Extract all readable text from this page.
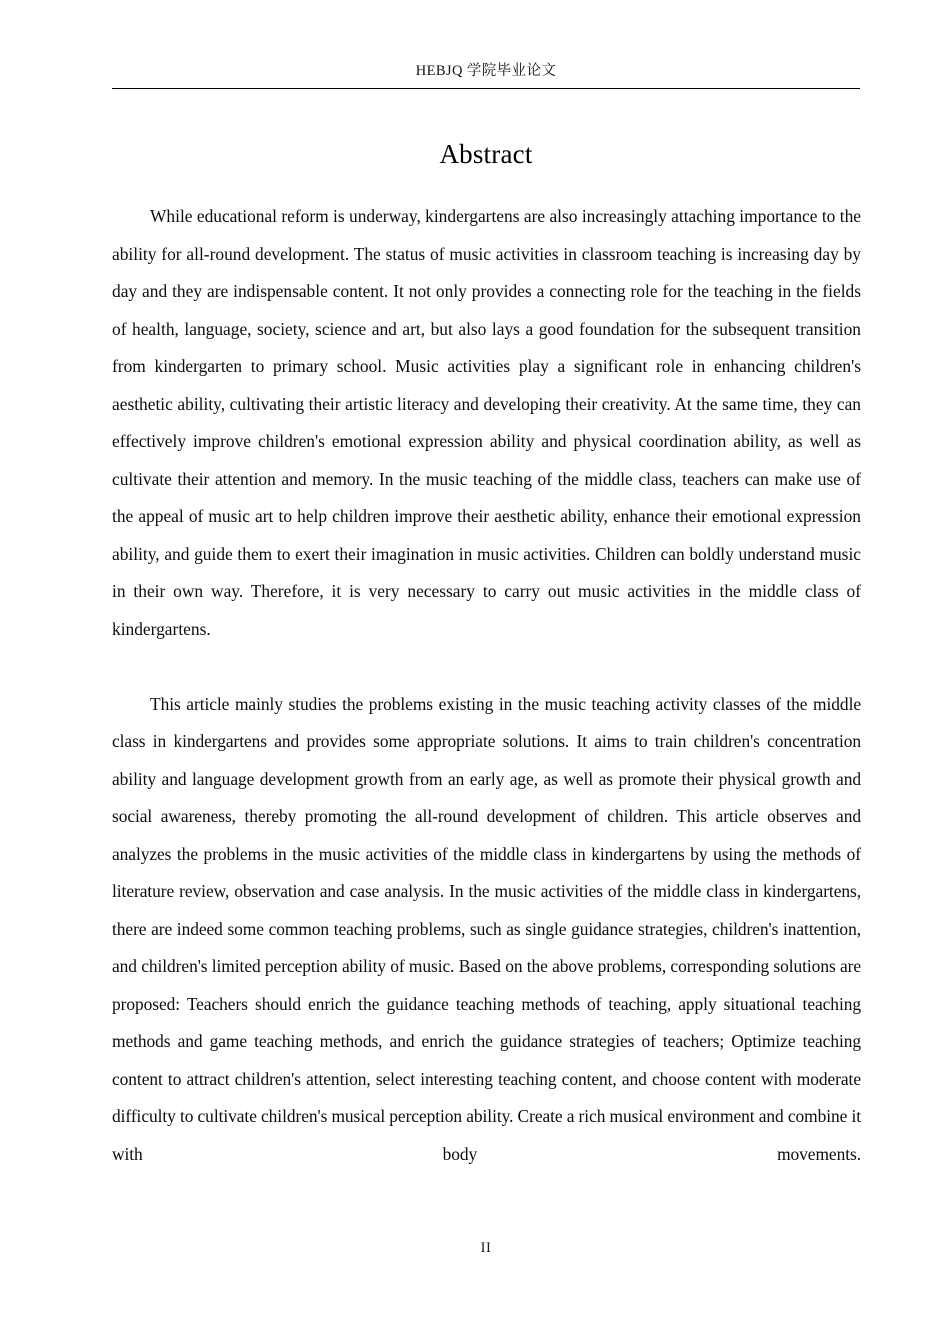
HEBJQ 学院毕业论文
Abstract

While educational reform is underway, kindergartens are also increasingly attaching importance to the ability for all-round development. The status of music activities in classroom teaching is increasing day by day and they are indispensable content. It not only provides a connecting role for the teaching in the fields of health, language, society, science and art, but also lays a good foundation for the subsequent transition from kindergarten to primary school. Music activities play a significant role in enhancing children's aesthetic ability, cultivating their artistic literacy and developing their creativity. At the same time, they can effectively improve children's emotional expression ability and physical coordination ability, as well as cultivate their attention and memory. In the music teaching of the middle class, teachers can make use of the appeal of music art to help children improve their aesthetic ability, enhance their emotional expression ability, and guide them to exert their imagination in music activities. Children can boldly understand music in their own way. Therefore, it is very necessary to carry out music activities in the middle class of kindergartens.

This article mainly studies the problems existing in the music teaching activity classes of the middle class in kindergartens and provides some appropriate solutions. It aims to train children's concentration ability and language development growth from an early age, as well as promote their physical growth and social awareness, thereby promoting the all-round development of children. This article observes and analyzes the problems in the music activities of the middle class in kindergartens by using the methods of literature review, observation and case analysis. In the music activities of the middle class in kindergartens, there are indeed some common teaching problems, such as single guidance strategies, children's inattention, and children's limited perception ability of music. Based on the above problems, corresponding solutions are proposed: Teachers should enrich the guidance teaching methods of teaching, apply situational teaching methods and game teaching methods, and enrich the guidance strategies of teachers; Optimize teaching content to attract children's attention, select interesting teaching content, and choose content with moderate difficulty to cultivate children's musical perception ability. Create a rich musical environment and combine it with body movements.

II
